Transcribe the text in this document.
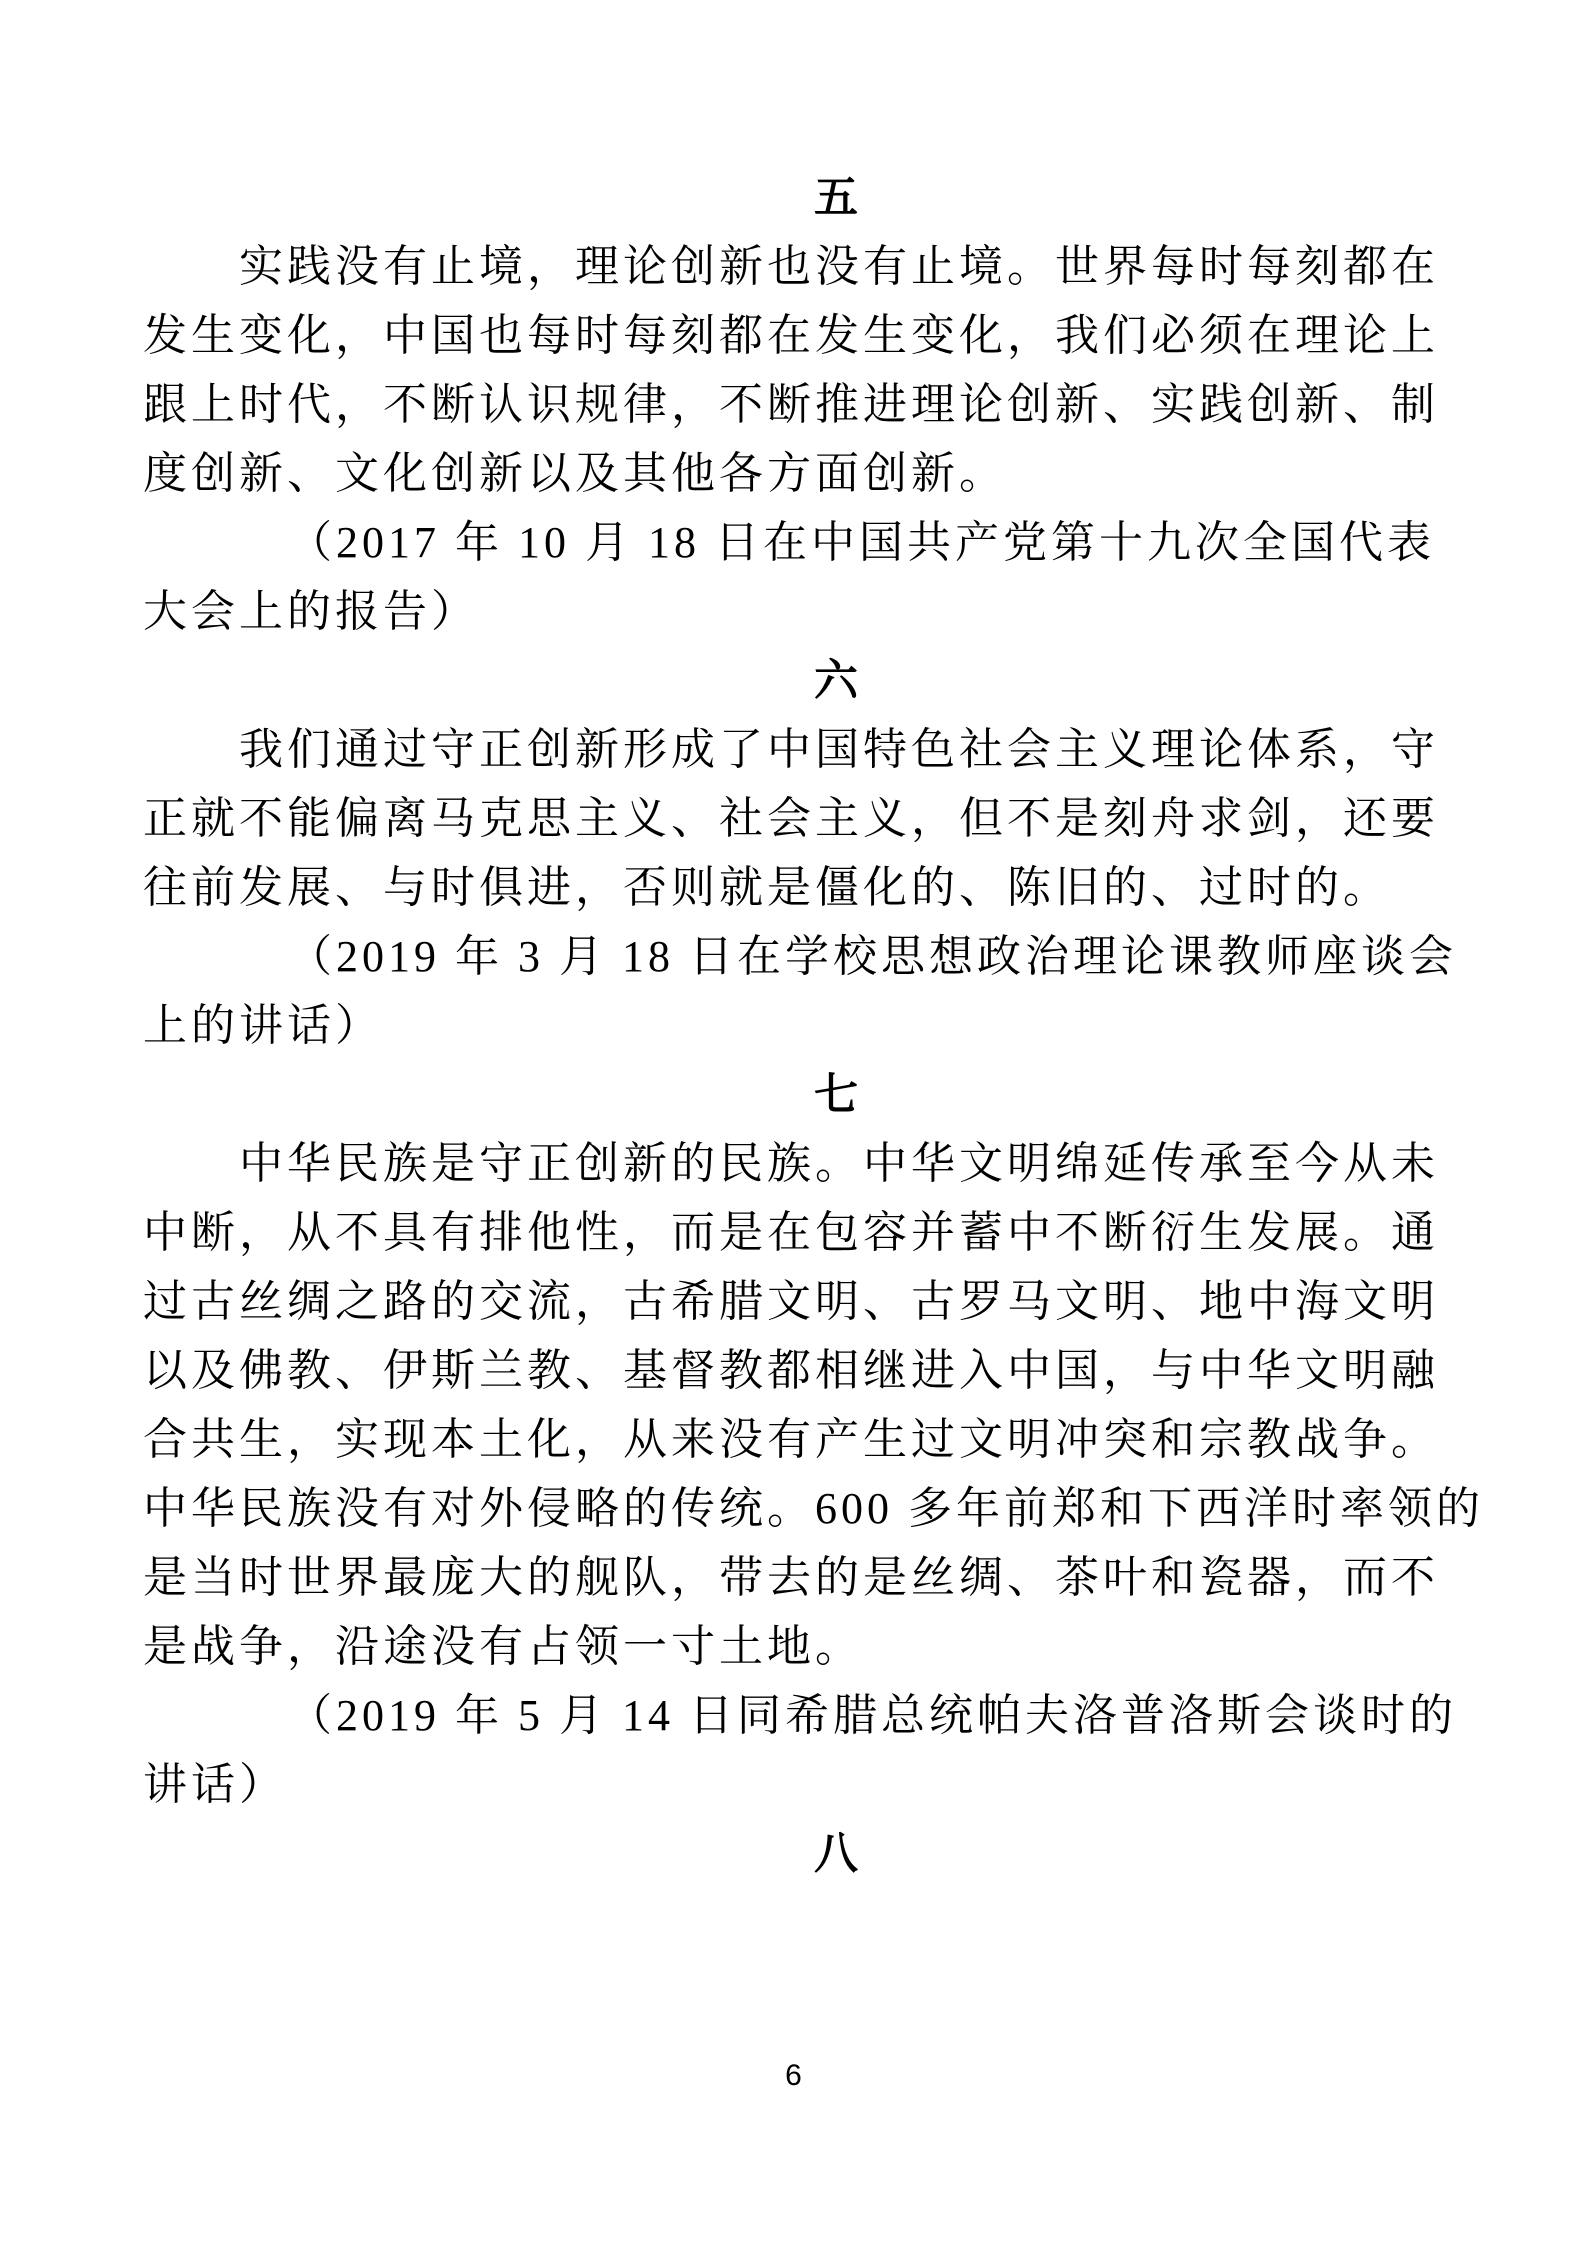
五
实践没有止境，理论创新也没有止境。世界每时每刻都在
发生变化，中国也每时每刻都在发生变化，我们必须在理论上
跟上时代，不断认识规律，不断推进理论创新、实践创新、制
度创新、文化创新以及其他各方面创新。
（2017 年 10 月 18 日在中国共产党第十九次全国代表
大会上的报告）
六
我们通过守正创新形成了中国特色社会主义理论体系，守
正就不能偏离马克思主义、社会主义，但不是刻舟求剑，还要
往前发展、与时俱进，否则就是僵化的、陈旧的、过时的。
（2019 年 3 月 18 日在学校思想政治理论课教师座谈会
上的讲话）
七
中华民族是守正创新的民族。中华文明绵延传承至今从未
中断，从不具有排他性，而是在包容并蓄中不断衍生发展。通
过古丝绸之路的交流，古希腊文明、古罗马文明、地中海文明
以及佛教、伊斯兰教、基督教都相继进入中国，与中华文明融
合共生，实现本土化，从来没有产生过文明冲突和宗教战争。
中华民族没有对外侵略的传统。600 多年前郑和下西洋时率领的
是当时世界最庞大的舰队，带去的是丝绸、茶叶和瓷器，而不
是战争，沿途没有占领一寸土地。
（2019 年 5 月 14 日同希腊总统帕夫洛普洛斯会谈时的
讲话）
八
6
